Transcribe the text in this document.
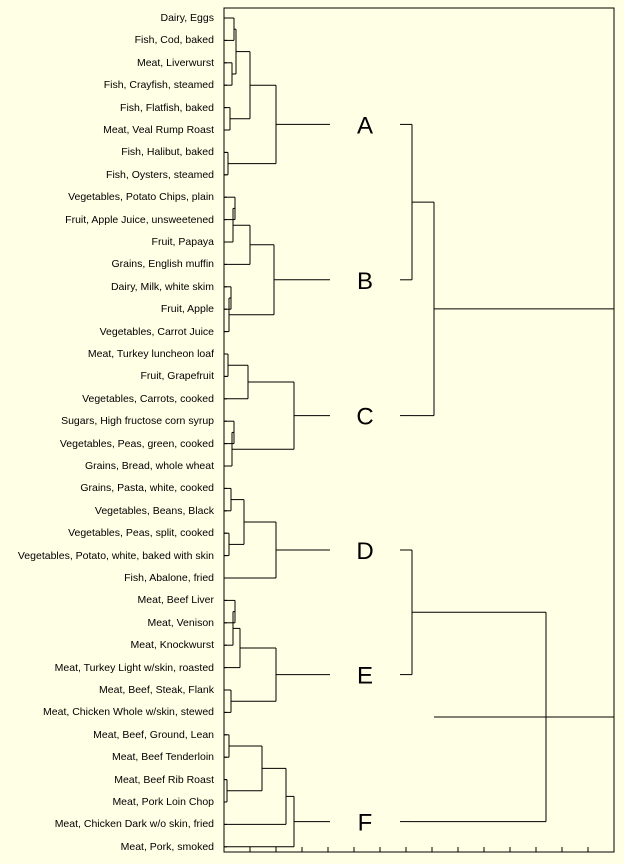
Dairy, Eggs
Fish, Cod, baked
Meat, Liverwurst
Fish, Crayfish, steamed
Fish, Flatfish, baked
Meat, Veal Rump Roast
Fish, Halibut, baked
Fish, Oysters, steamed
Vegetables, Potato Chips, plain
Fruit, Apple Juice, unsweetened
Fruit, Papaya
Grains, English muffin
Dairy, Milk, white skim
Fruit, Apple
Vegetables, Carrot Juice
Meat, Turkey luncheon loaf
Fruit, Grapefruit
Vegetables, Carrots, cooked
Sugars, High fructose corn syrup
Vegetables, Peas, green, cooked
Grains, Bread, whole wheat
Grains, Pasta, white, cooked
Vegetables, Beans, Black
Vegetables, Peas, split, cooked
Vegetables, Potato, white, baked with skin
Fish, Abalone, fried
Meat, Beef Liver
Meat, Venison
Meat, Knockwurst
Meat, Turkey Light w/skin, roasted
Meat, Beef, Steak, Flank
Meat, Chicken Whole w/skin, stewed
Meat, Beef, Ground, Lean
Meat, Beef Tenderloin
Meat, Beef Rib Roast
Meat, Pork Loin Chop
Meat, Chicken Dark w/o skin, fried
Meat, Pork, smoked
A
B
C
D
E
F
